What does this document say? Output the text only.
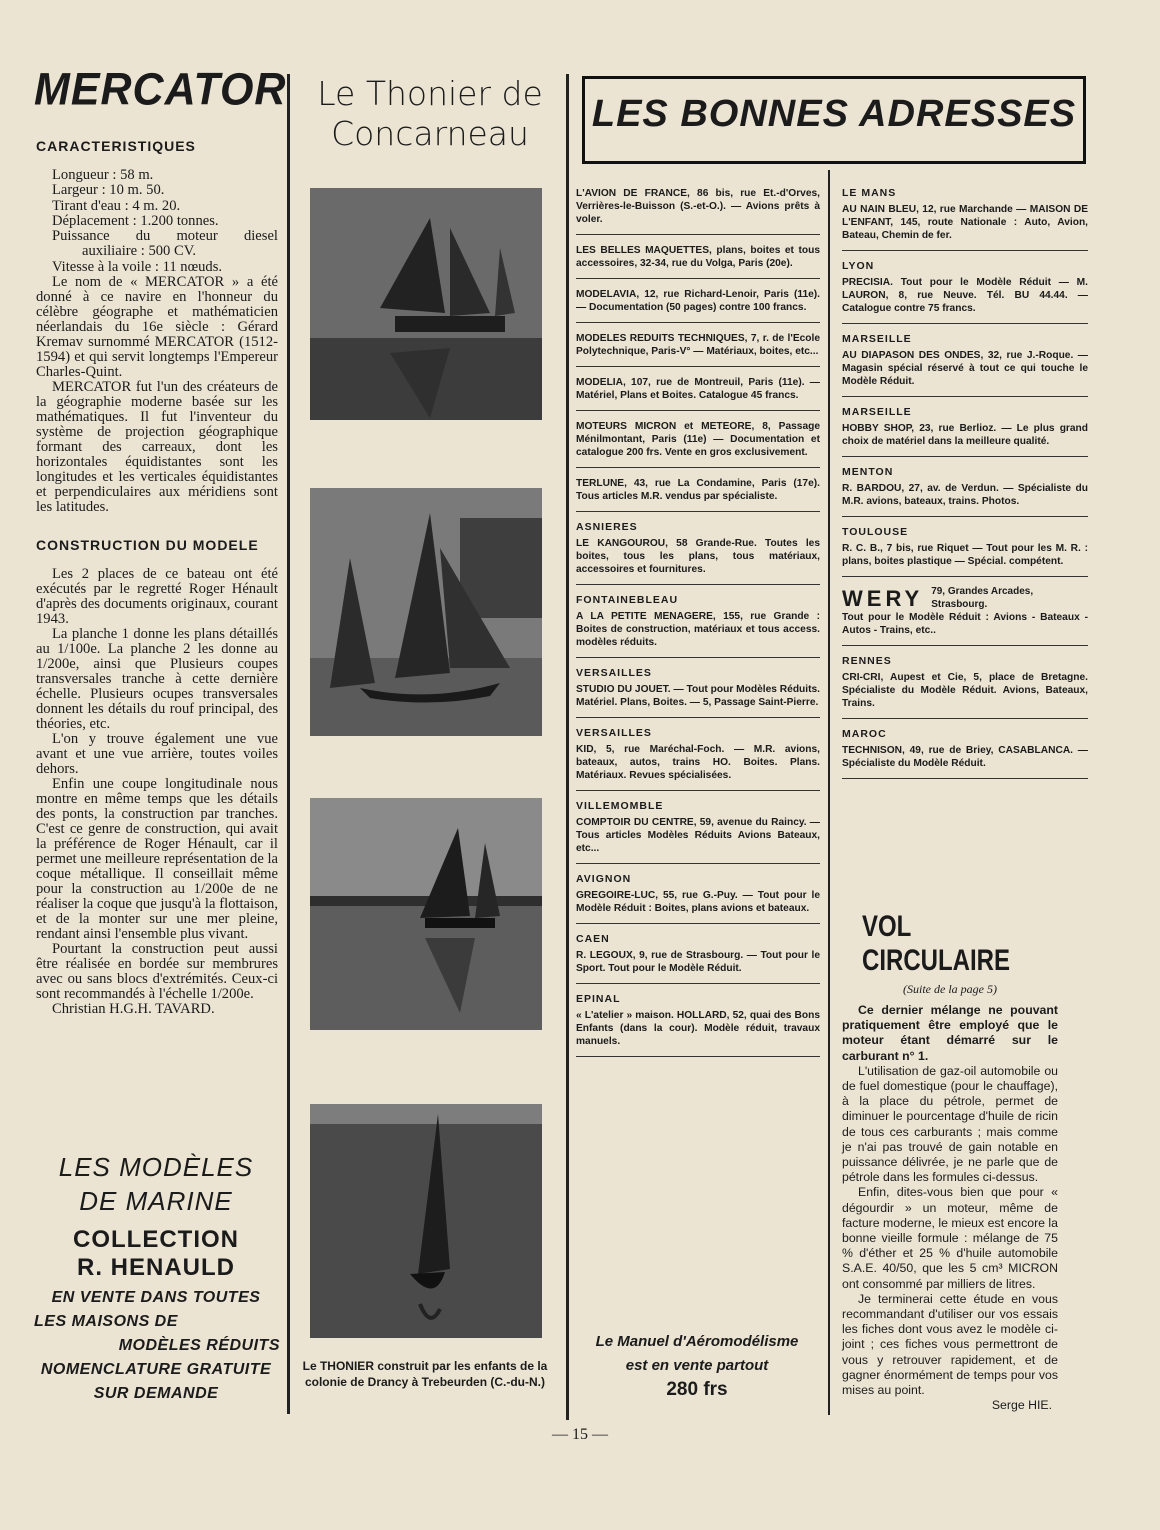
MERCATOR
CARACTERISTIQUES
Longueur : 58 m.
Largeur : 10 m. 50.
Tirant d'eau : 4 m. 20.
Déplacement : 1.200 tonnes.
Puissance du moteur diesel
auxiliaire : 500 CV.
Vitesse à la voile : 11 nœuds.
Le nom de « MERCATOR » a été donné à ce navire en l'honneur du célèbre géographe et mathématicien néerlandais du 16e siècle : Gérard Kremav surnommé MERCATOR (1512-1594) et qui servit longtemps l'Empereur Charles-Quint.
MERCATOR fut l'un des créateurs de la géographie moderne basée sur les mathématiques. Il fut l'inventeur du système de projection géographique formant des carreaux, dont les horizontales équidistantes sont les longitudes et les verticales équidistantes et perpendiculaires aux méridiens sont les latitudes.
CONSTRUCTION DU MODELE
Les 2 places de ce bateau ont été exécutés par le regretté Roger Hénault d'après des documents originaux, courant 1943.
La planche 1 donne les plans détaillés au 1/100e. La planche 2 les donne au 1/200e, ainsi que Plusieurs coupes transversales tranche à cette dernière échelle. Plusieurs ocupes transversales donnent les détails du rouf principal, des théories, etc.
L'on y trouve également une vue avant et une vue arrière, toutes voiles dehors.
Enfin une coupe longitudinale nous montre en même temps que les détails des ponts, la construction par tranches. C'est ce genre de construction, qui avait la préférence de Roger Hénault, car il permet une meilleure représentation de la coque métallique. Il conseillait même pour la construction au 1/200e de ne réaliser la coque que jusqu'à la flottaison, et de la monter sur une mer pleine, rendant ainsi l'ensemble plus vivant.
Pourtant la construction peut aussi être réalisée en bordée sur membrures avec ou sans blocs d'extrémités. Ceux-ci sont recommandés à l'échelle 1/200e.
Christian H.G.H. TAVARD.
LES MODÈLES
DE MARINE
COLLECTION
R. HENAULD
EN VENTE DANS TOUTES
LES MAISONS DE
MODÈLES RÉDUITS
NOMENCLATURE GRATUITE
SUR DEMANDE
Le Thonier de
Concarneau
Le THONIER construit par les enfants de la colonie de Drancy à Trebeurden (C.-du-N.)
LES BONNES ADRESSES
L'AVION DE FRANCE, 86 bis, rue Et.-d'Orves, Verrières-le-Buisson (S.-et-O.). — Avions prêts à voler.
LES BELLES MAQUETTES, plans, boites et tous accessoires, 32-34, rue du Volga, Paris (20e).
MODELAVIA, 12, rue Richard-Lenoir, Paris (11e). — Documentation (50 pages) contre 100 francs.
MODELES REDUITS TECHNIQUES, 7, r. de l'Ecole Polytechnique, Paris-V° — Matériaux, boites, etc...
MODELIA, 107, rue de Montreuil, Paris (11e). — Matériel, Plans et Boites. Catalogue 45 francs.
MOTEURS MICRON et METEORE, 8, Passage Ménilmontant, Paris (11e) — Documentation et catalogue 200 frs. Vente en gros exclusivement.
TERLUNE, 43, rue La Condamine, Paris (17e). Tous articles M.R. vendus par spécialiste.
ASNIERES
LE KANGOUROU, 58 Grande-Rue. Toutes les boites, tous les plans, tous matériaux, accessoires et fournitures.
FONTAINEBLEAU
A LA PETITE MENAGERE, 155, rue Grande : Boites de construction, matériaux et tous access. modèles réduits.
VERSAILLES
STUDIO DU JOUET. — Tout pour Modèles Réduits. Matériel. Plans, Boites. — 5, Passage Saint-Pierre.
VERSAILLES
KID, 5, rue Maréchal-Foch. — M.R. avions, bateaux, autos, trains HO. Boites. Plans. Matériaux. Revues spécialisées.
VILLEMOMBLE
COMPTOIR DU CENTRE, 59, avenue du Raincy. — Tous articles Modèles Réduits Avions Bateaux, etc...
AVIGNON
GREGOIRE-LUC, 55, rue G.-Puy. — Tout pour le Modèle Réduit : Boites, plans avions et bateaux.
CAEN
R. LEGOUX, 9, rue de Strasbourg. — Tout pour le Sport. Tout pour le Modèle Réduit.
EPINAL
« L'atelier » maison. HOLLARD, 52, quai des Bons Enfants (dans la cour). Modèle réduit, travaux manuels.
LE MANS
AU NAIN BLEU, 12, rue Marchande — MAISON DE L'ENFANT, 145, route Nationale : Auto, Avion, Bateau, Chemin de fer.
LYON
PRECISIA. Tout pour le Modèle Réduit — M. LAURON, 8, rue Neuve. Tél. BU 44.44. — Catalogue contre 75 francs.
MARSEILLE
AU DIAPASON DES ONDES, 32, rue J.-Roque. — Magasin spécial réservé à tout ce qui touche le Modèle Réduit.
MARSEILLE
HOBBY SHOP, 23, rue Berlioz. — Le plus grand choix de matériel dans la meilleure qualité.
MENTON
R. BARDOU, 27, av. de Verdun. — Spécialiste du M.R. avions, bateaux, trains. Photos.
TOULOUSE
R. C. B., 7 bis, rue Riquet — Tout pour les M. R. : plans, boites plastique — Spécial. compétent.
WERY 79, Grandes Arcades, Strasbourg.
Tout pour le Modèle Réduit : Avions - Bateaux - Autos - Trains, etc..
RENNES
CRI-CRI, Aupest et Cie, 5, place de Bretagne. Spécialiste du Modèle Réduit. Avions, Bateaux, Trains.
MAROC
TECHNISON, 49, rue de Briey, CASABLANCA. — Spécialiste du Modèle Réduit.
Le Manuel d'Aéromodélisme
est en vente partout
280 frs
VOL CIRCULAIRE
(Suite de la page 5)
Ce dernier mélange ne pouvant pratiquement être employé que le moteur étant démarré sur le carburant n° 1.
L'utilisation de gaz-oil automobile ou de fuel domestique (pour le chauffage), à la place du pétrole, permet de diminuer le pourcentage d'huile de ricin de tous ces carburants ; mais comme je n'ai pas trouvé de gain notable en puissance délivrée, je ne parle que de pétrole dans les formules ci-dessus.
Enfin, dites-vous bien que pour « dégourdir » un moteur, même de facture moderne, le mieux est encore la bonne vieille formule : mélange de 75 % d'éther et 25 % d'huile automobile S.A.E. 40/50, que les 5 cm³ MICRON ont consommé par milliers de litres.
Je terminerai cette étude en vous recommandant d'utiliser our vos essais les fiches dont vous avez le modèle ci-joint ; ces fiches vous permettront de vous y retrouver rapidement, et de gagner énormément de temps pour vos mises au point.
Serge HIE.
— 15 —
